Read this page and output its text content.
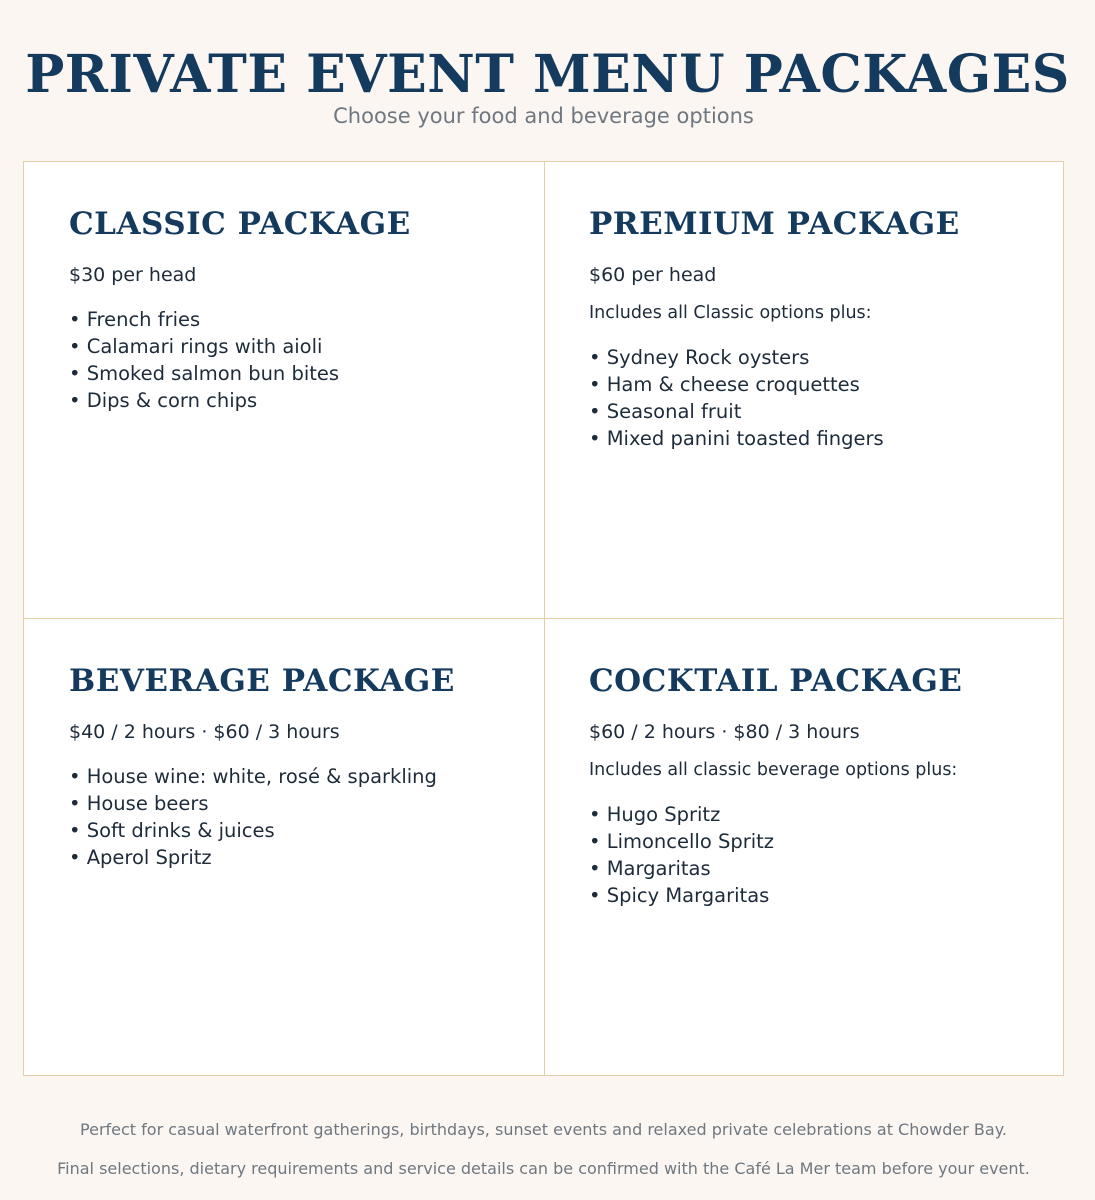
PRIVATE EVENT MENU PACKAGES
Choose your food and beverage options
CLASSIC PACKAGE
$30 per head
• French fries
• Calamari rings with aioli
• Smoked salmon bun bites
• Dips & corn chips
PREMIUM PACKAGE
$60 per head
Includes all Classic options plus:
• Sydney Rock oysters
• Ham & cheese croquettes
• Seasonal fruit
• Mixed panini toasted fingers
BEVERAGE PACKAGE
$40 / 2 hours · $60 / 3 hours
• House wine: white, rosé & sparkling
• House beers
• Soft drinks & juices
• Aperol Spritz
COCKTAIL PACKAGE
$60 / 2 hours · $80 / 3 hours
Includes all classic beverage options plus:
• Hugo Spritz
• Limoncello Spritz
• Margaritas
• Spicy Margaritas
Perfect for casual waterfront gatherings, birthdays, sunset events and relaxed private celebrations at Chowder Bay.
Final selections, dietary requirements and service details can be confirmed with the Café La Mer team before your event.
